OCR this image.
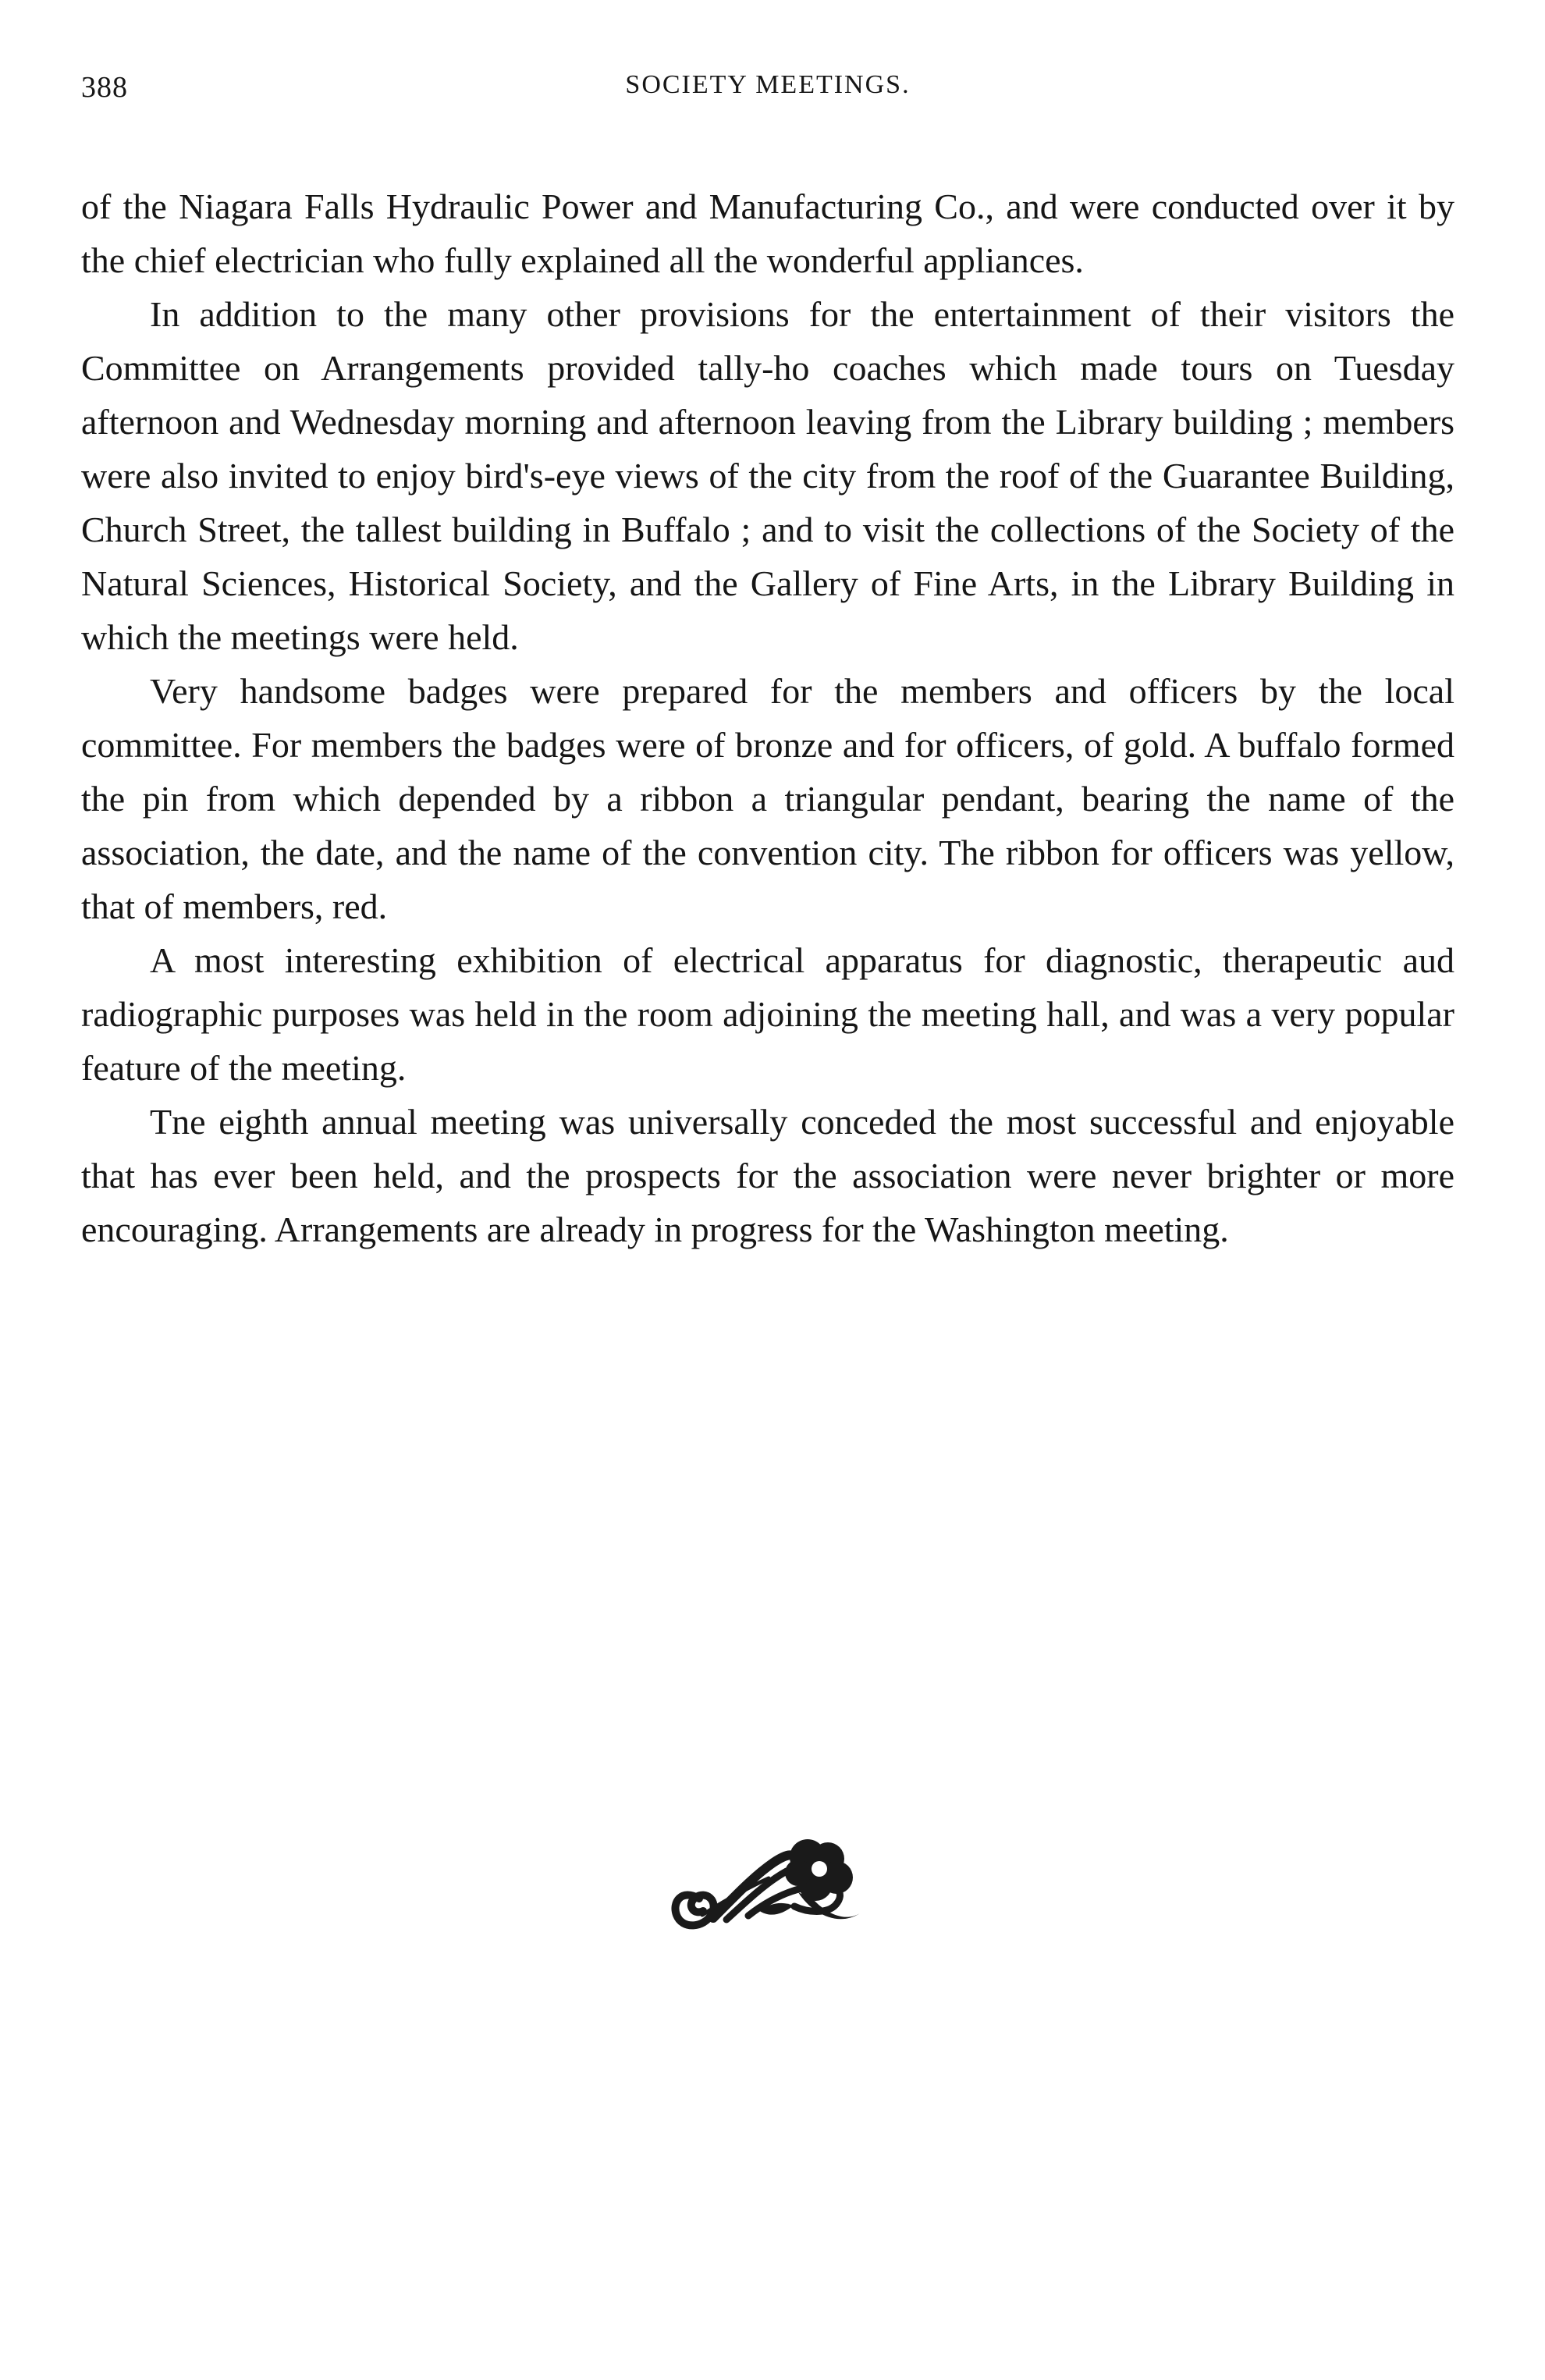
388	SOCIETY MEETINGS.

of the Niagara Falls Hydraulic Power and Manufacturing Co., and were conducted over it by the chief electrician who fully explained all the wonderful appliances.

In addition to the many other provisions for the entertainment of their visitors the Committee on Arrangements provided tally-ho coaches which made tours on Tuesday afternoon and Wednesday morning and afternoon leaving from the Library building ; members were also invited to enjoy bird's-eye views of the city from the roof of the Guarantee Building, Church Street, the tallest building in Buffalo ; and to visit the collections of the Society of the Natural Sciences, Historical Society, and the Gallery of Fine Arts, in the Library Building in which the meetings were held.

Very handsome badges were prepared for the members and officers by the local committee. For members the badges were of bronze and for officers, of gold. A buffalo formed the pin from which depended by a ribbon a triangular pendant, bearing the name of the association, the date, and the name of the convention city. The ribbon for officers was yellow, that of members, red.

A most interesting exhibition of electrical apparatus for diagnostic, therapeutic aud radiographic purposes was held in the room adjoining the meeting hall, and was a very popular feature of the meeting.

Tne eighth annual meeting was universally conceded the most successful and enjoyable that has ever been held, and the prospects for the association were never brighter or more encouraging. Arrangements are already in progress for the Washington meeting.
